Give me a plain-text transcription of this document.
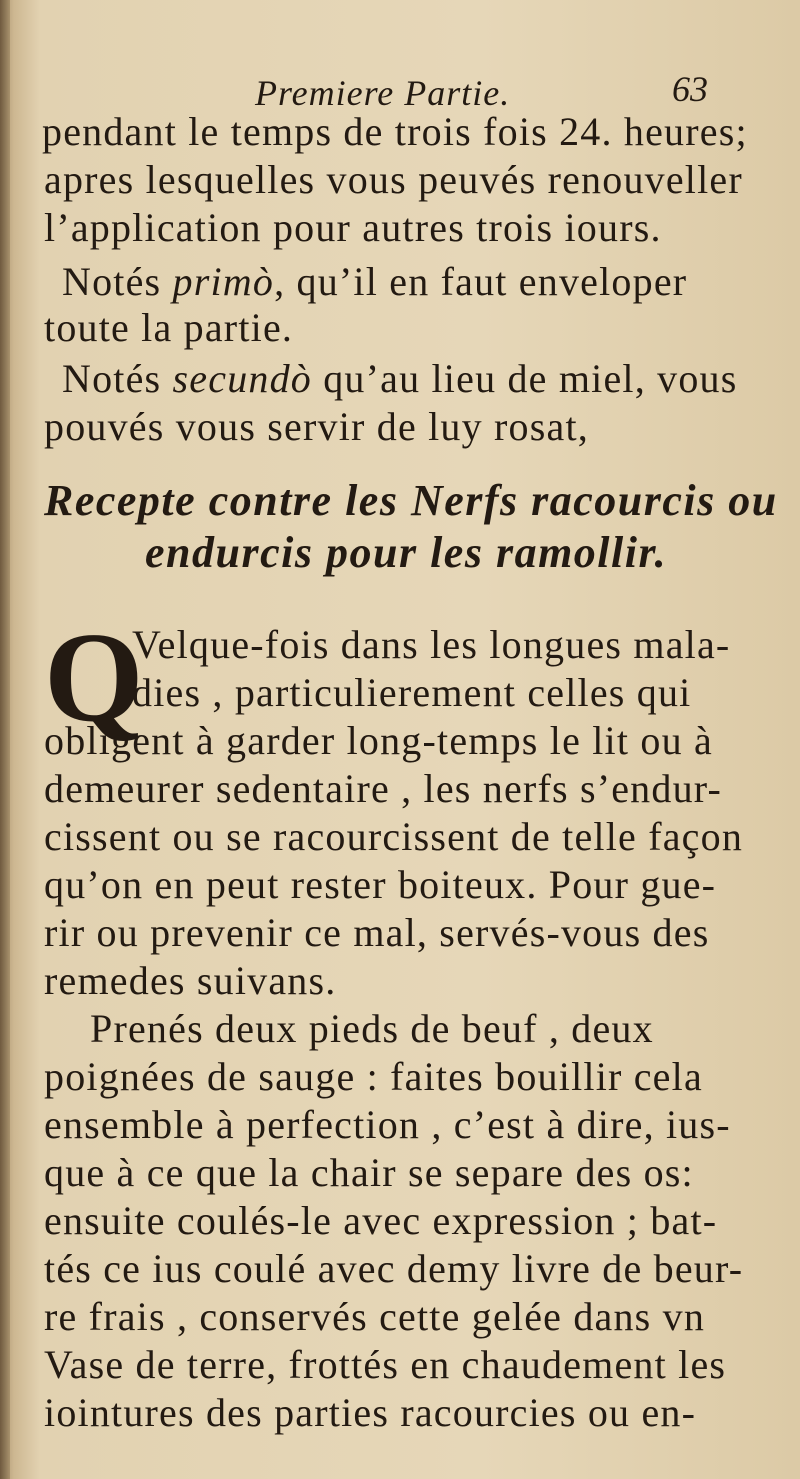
Premiere Partie.	63
pendant le temps de trois fois 24. heures;
apres lesquelles vous peuvés renouveller
l’application pour autres trois iours.
Notés primò, qu’il en faut enveloper
toute la partie.
Notés secundò qu’au lieu de miel, vous
pouvés vous servir de luy rosat,
Recepte contre les Nerfs racourcis ou
endurcis pour les ramollir.
Q
Velque-fois dans les longues mala-
dies , particulierement celles qui
obligent à garder long-temps le lit ou à
demeurer sedentaire , les nerfs s’endur-
cissent ou se racourcissent de telle façon
qu’on en peut rester boiteux. Pour gue-
rir ou prevenir ce mal, servés-vous des
remedes suivans.
Prenés deux pieds de beuf , deux
poignées de sauge : faites bouillir cela
ensemble à perfection , c’est à dire, ius-
que à ce que la chair se separe des os:
ensuite coulés-le avec expression ; bat-
tés ce ius coulé avec demy livre de beur-
re frais , conservés cette gelée dans vn
Vase de terre, frottés en chaudement les
iointures des parties racourcies ou en-
